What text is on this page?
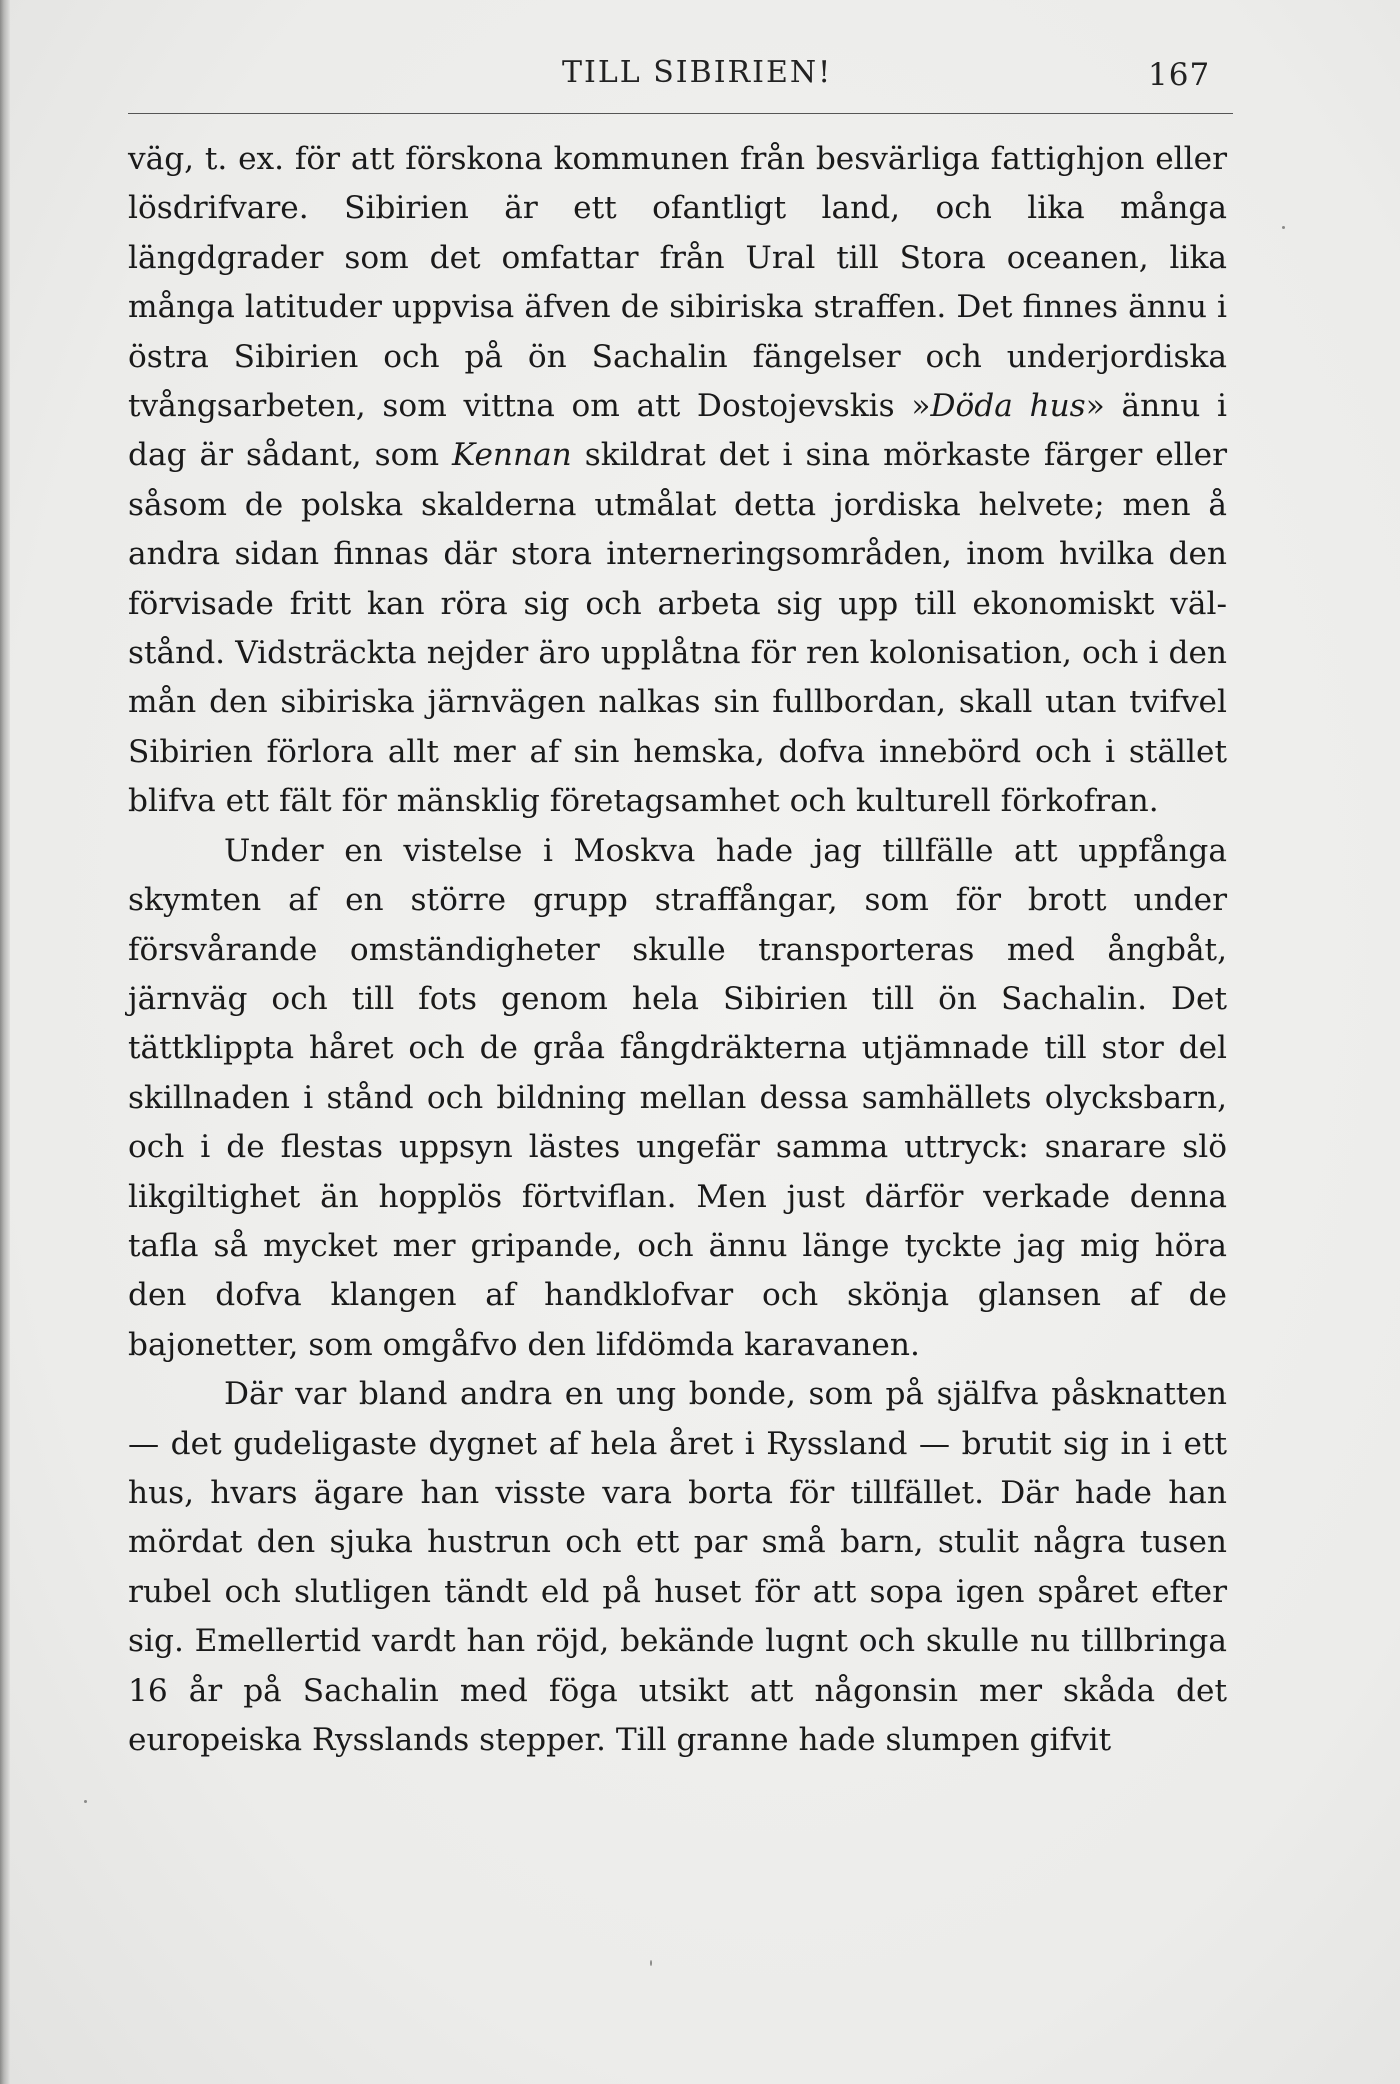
TILL SIBIRIEN!	167

väg, t. ex. för att förskona kommunen från besvärliga fattighjon eller lösdrifvare. Sibirien är ett ofantligt land, och lika många längdgrader som det omfattar från Ural till Stora oceanen, lika många latituder uppvisa äfven de sibiriska straffen. Det finnes ännu i östra Sibirien och på ön Sachalin fängelser och underjordiska tvångsarbeten, som vittna om att Dostojevskis »Döda hus» ännu i dag är sådant, som Kennan skildrat det i sina mörkaste färger eller såsom de polska skalderna utmålat detta jordiska helvete; men å andra sidan finnas där stora interneringsområden, inom hvilka den förvisade fritt kan röra sig och arbeta sig upp till ekonomiskt välstånd. Vidsträckta nejder äro upplåtna för ren kolonisation, och i den mån den sibiriska järnvägen nalkas sin fullbordan, skall utan tvifvel Sibirien förlora allt mer af sin hemska, dofva innebörd och i stället blifva ett fält för mänsklig företagsamhet och kulturell förkofran.

Under en vistelse i Moskva hade jag tillfälle att uppfånga skymten af en större grupp straffångar, som för brott under försvårande omständigheter skulle transporteras med ångbåt, järnväg och till fots genom hela Sibirien till ön Sachalin. Det tättklippta håret och de gråa fångdräkterna utjämnade till stor del skillnaden i stånd och bildning mellan dessa samhällets olycksbarn, och i de flestas uppsyn lästes ungefär samma uttryck: snarare slö likgiltighet än hopplös förtviflan. Men just därför verkade denna tafla så mycket mer gripande, och ännu länge tyckte jag mig höra den dofva klangen af handklofvar och skönja glansen af de bajonetter, som omgåfvo den lifdömda karavanen.

Där var bland andra en ung bonde, som på själfva påsknatten — det gudeligaste dygnet af hela året i Ryssland — brutit sig in i ett hus, hvars ägare han visste vara borta för tillfället. Där hade han mördat den sjuka hustrun och ett par små barn, stulit några tusen rubel och slutligen tändt eld på huset för att sopa igen spåret efter sig. Emellertid vardt han röjd, bekände lugnt och skulle nu tillbringa 16 år på Sachalin med föga utsikt att någonsin mer skåda det europeiska Rysslands stepper. Till granne hade slumpen gifvit
